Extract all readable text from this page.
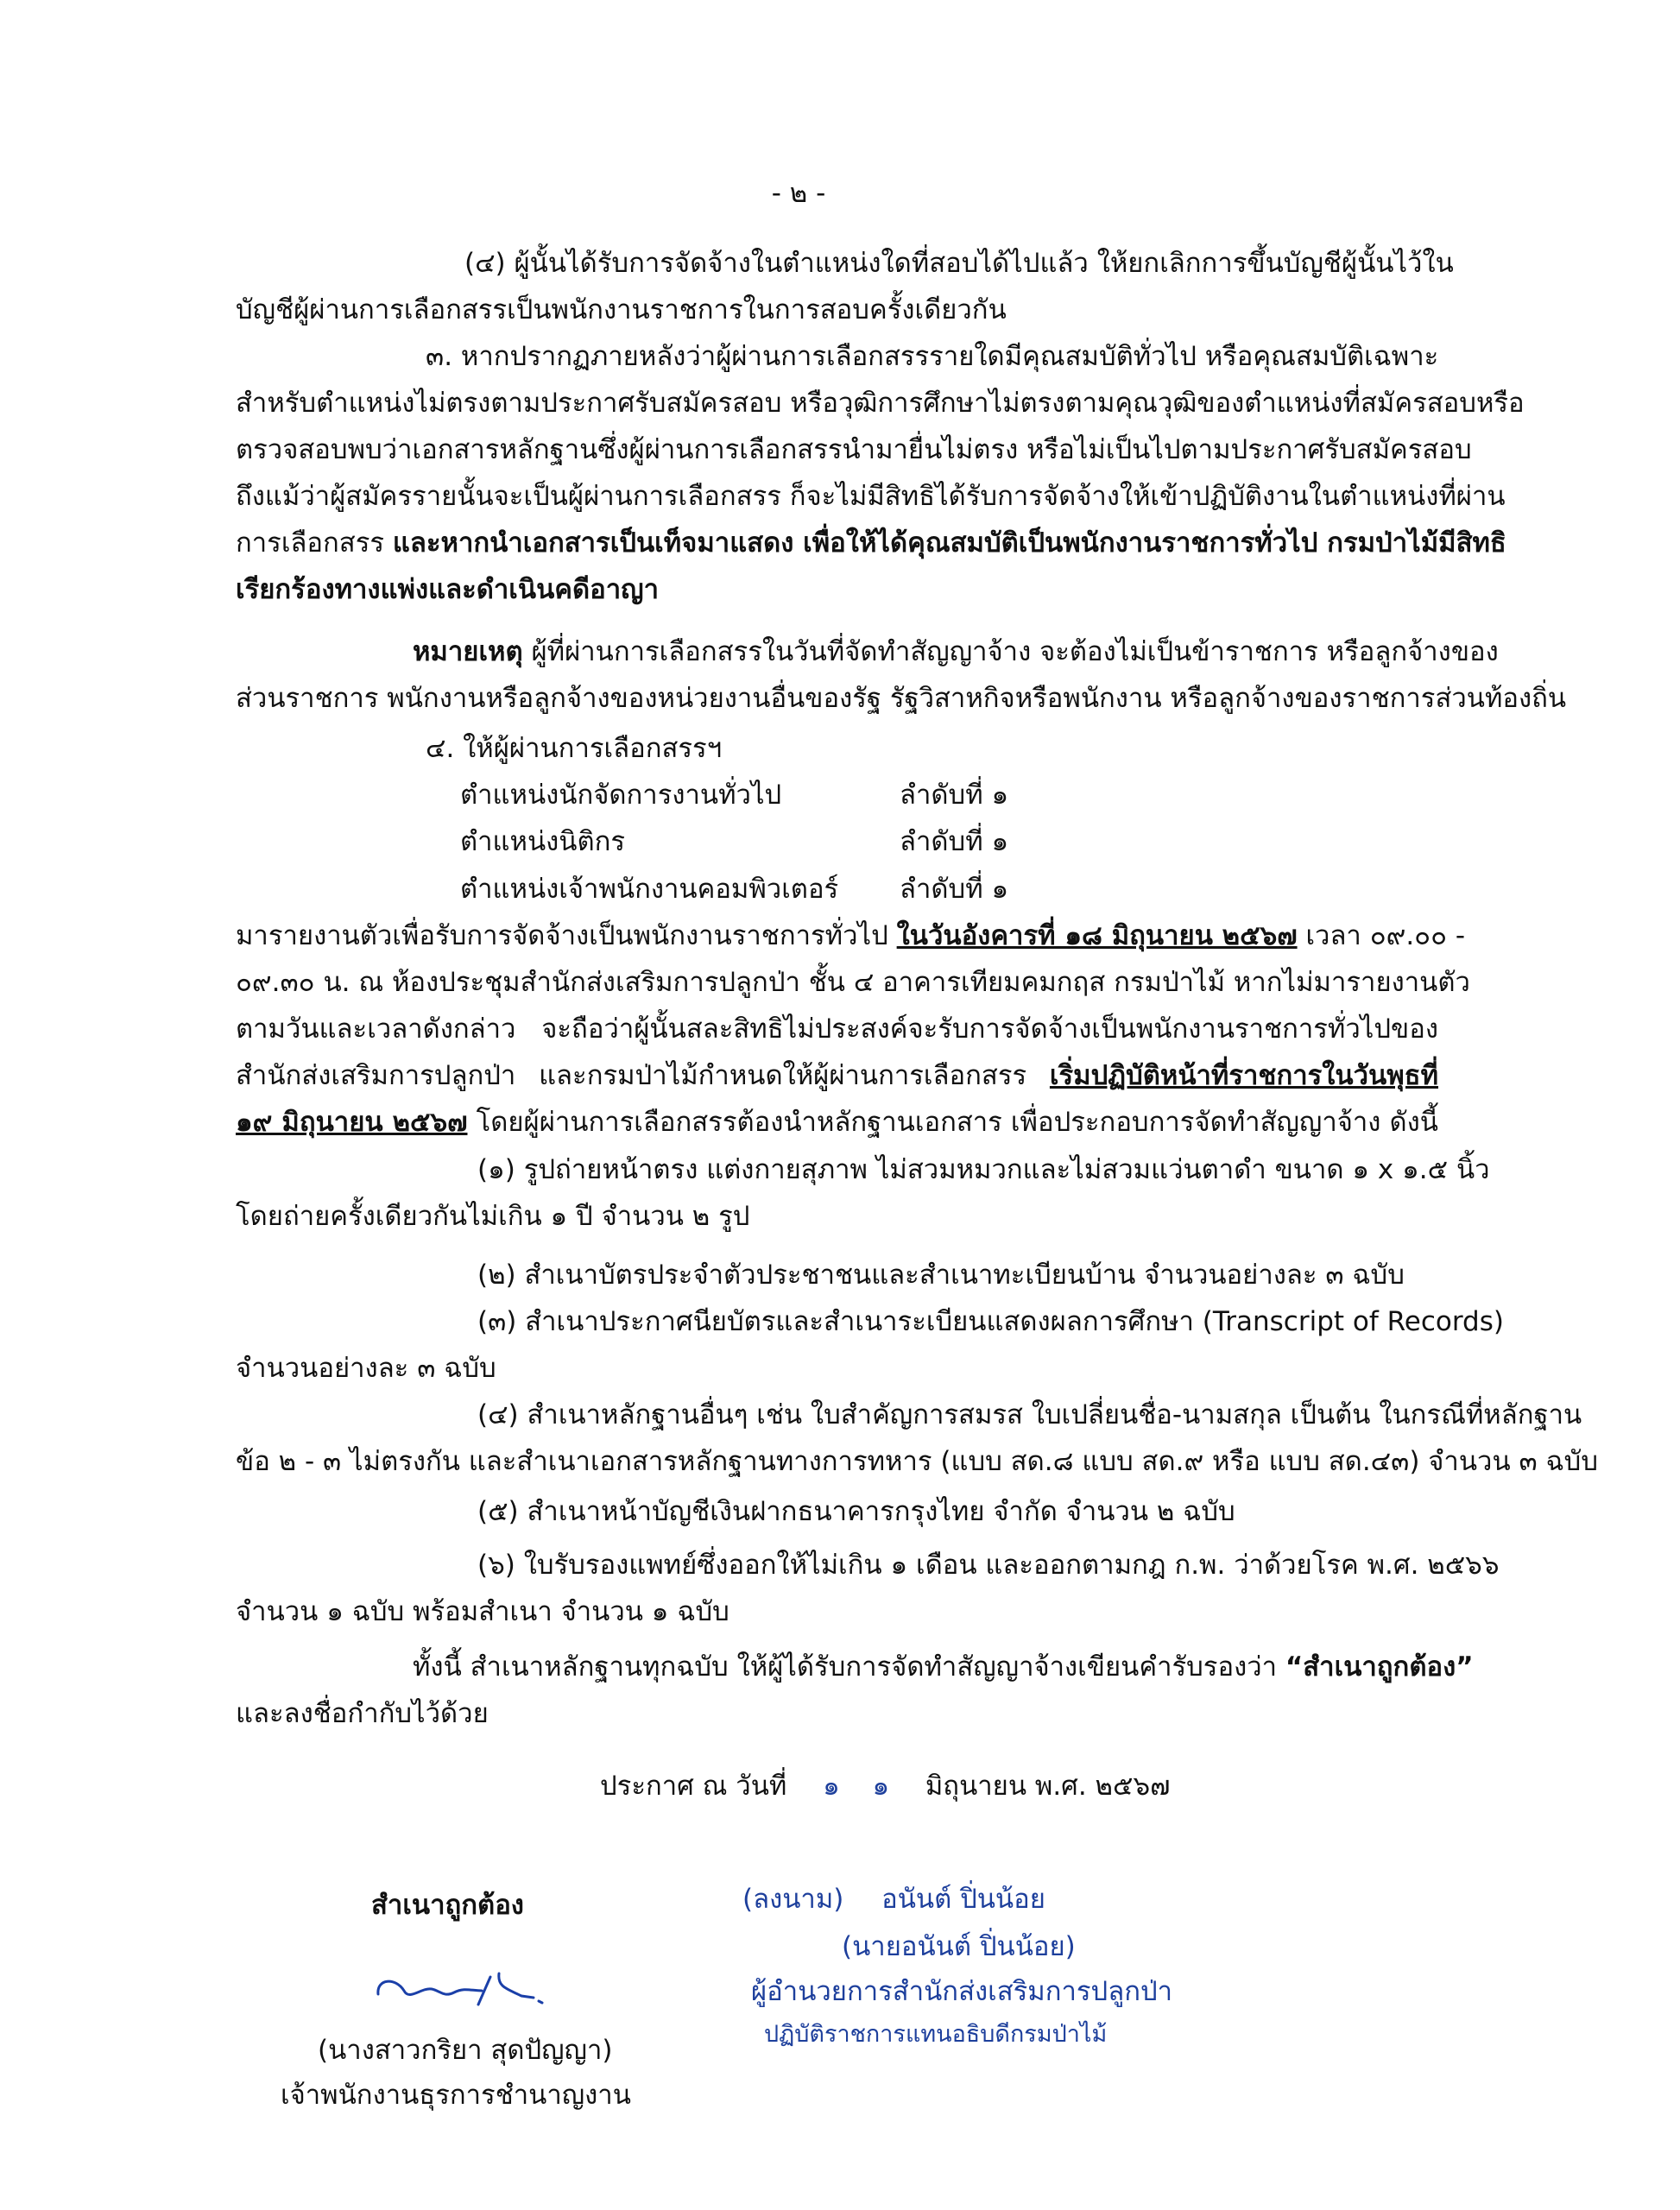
- ๒ -
(๔) ผู้นั้นได้รับการจัดจ้างในตำแหน่งใดที่สอบได้ไปแล้ว ให้ยกเลิกการขึ้นบัญชีผู้นั้นไว้ใน
บัญชีผู้ผ่านการเลือกสรรเป็นพนักงานราชการในการสอบครั้งเดียวกัน
๓. หากปรากฏภายหลังว่าผู้ผ่านการเลือกสรรรายใดมีคุณสมบัติทั่วไป หรือคุณสมบัติเฉพาะ
สำหรับตำแหน่งไม่ตรงตามประกาศรับสมัครสอบ หรือวุฒิการศึกษาไม่ตรงตามคุณวุฒิของตำแหน่งที่สมัครสอบหรือ
ตรวจสอบพบว่าเอกสารหลักฐานซึ่งผู้ผ่านการเลือกสรรนำมายื่นไม่ตรง หรือไม่เป็นไปตามประกาศรับสมัครสอบ
ถึงแม้ว่าผู้สมัครรายนั้นจะเป็นผู้ผ่านการเลือกสรร ก็จะไม่มีสิทธิได้รับการจัดจ้างให้เข้าปฏิบัติงานในตำแหน่งที่ผ่าน
การเลือกสรร และหากนำเอกสารเป็นเท็จมาแสดง เพื่อให้ได้คุณสมบัติเป็นพนักงานราชการทั่วไป กรมป่าไม้มีสิทธิ
เรียกร้องทางแพ่งและดำเนินคดีอาญา
หมายเหตุ ผู้ที่ผ่านการเลือกสรรในวันที่จัดทำสัญญาจ้าง จะต้องไม่เป็นข้าราชการ หรือลูกจ้างของ
ส่วนราชการ พนักงานหรือลูกจ้างของหน่วยงานอื่นของรัฐ รัฐวิสาหกิจหรือพนักงาน หรือลูกจ้างของราชการส่วนท้องถิ่น
๔. ให้ผู้ผ่านการเลือกสรรฯ
ตำแหน่งนักจัดการงานทั่วไป	ลำดับที่ ๑
ตำแหน่งนิติกร	ลำดับที่ ๑
ตำแหน่งเจ้าพนักงานคอมพิวเตอร์ ลำดับที่ ๑
มารายงานตัวเพื่อรับการจัดจ้างเป็นพนักงานราชการทั่วไป ในวันอังคารที่ ๑๘ มิถุนายน ๒๕๖๗ เวลา ๐๙.๐๐ -
๐๙.๓๐ น. ณ ห้องประชุมสำนักส่งเสริมการปลูกป่า ชั้น ๔ อาคารเทียมคมกฤส กรมป่าไม้ หากไม่มารายงานตัว
ตามวันและเวลาดังกล่าว จะถือว่าผู้นั้นสละสิทธิไม่ประสงค์จะรับการจัดจ้างเป็นพนักงานราชการทั่วไปของ
สำนักส่งเสริมการปลูกป่า และกรมป่าไม้กำหนดให้ผู้ผ่านการเลือกสรร เริ่มปฏิบัติหน้าที่ราชการในวันพุธที่
๑๙ มิถุนายน ๒๕๖๗ โดยผู้ผ่านการเลือกสรรต้องนำหลักฐานเอกสาร เพื่อประกอบการจัดทำสัญญาจ้าง ดังนี้
(๑) รูปถ่ายหน้าตรง แต่งกายสุภาพ ไม่สวมหมวกและไม่สวมแว่นตาดำ ขนาด ๑ x ๑.๕ นิ้ว
โดยถ่ายครั้งเดียวกันไม่เกิน ๑ ปี จำนวน ๒ รูป
(๒) สำเนาบัตรประจำตัวประชาชนและสำเนาทะเบียนบ้าน จำนวนอย่างละ ๓ ฉบับ
(๓) สำเนาประกาศนียบัตรและสำเนาระเบียนแสดงผลการศึกษา (Transcript of Records)
จำนวนอย่างละ ๓ ฉบับ
(๔) สำเนาหลักฐานอื่นๆ เช่น ใบสำคัญการสมรส ใบเปลี่ยนชื่อ-นามสกุล เป็นต้น ในกรณีที่หลักฐาน
ข้อ ๒ - ๓ ไม่ตรงกัน และสำเนาเอกสารหลักฐานทางการทหาร (แบบ สด.๘ แบบ สด.๙ หรือ แบบ สด.๔๓) จำนวน ๓ ฉบับ
(๕) สำเนาหน้าบัญชีเงินฝากธนาคารกรุงไทย จำกัด จำนวน ๒ ฉบับ
(๖) ใบรับรองแพทย์ซึ่งออกให้ไม่เกิน ๑ เดือน และออกตามกฎ ก.พ. ว่าด้วยโรค พ.ศ. ๒๕๖๖
จำนวน ๑ ฉบับ พร้อมสำเนา จำนวน ๑ ฉบับ
ทั้งนี้ สำเนาหลักฐานทุกฉบับ ให้ผู้ได้รับการจัดทำสัญญาจ้างเขียนคำรับรองว่า “สำเนาถูกต้อง”
และลงชื่อกำกับไว้ด้วย
ประกาศ ณ วันที่ ๑ ๑ มิถุนายน พ.ศ. ๒๕๖๗
สำเนาถูกต้อง
(นางสาวกริยา สุดปัญญา)
เจ้าพนักงานธุรการชำนาญงาน
(ลงนาม) อนันต์ ปิ่นน้อย
(นายอนันต์ ปิ่นน้อย)
ผู้อำนวยการสำนักส่งเสริมการปลูกป่า
ปฏิบัติราชการแทนอธิบดีกรมป่าไม้
